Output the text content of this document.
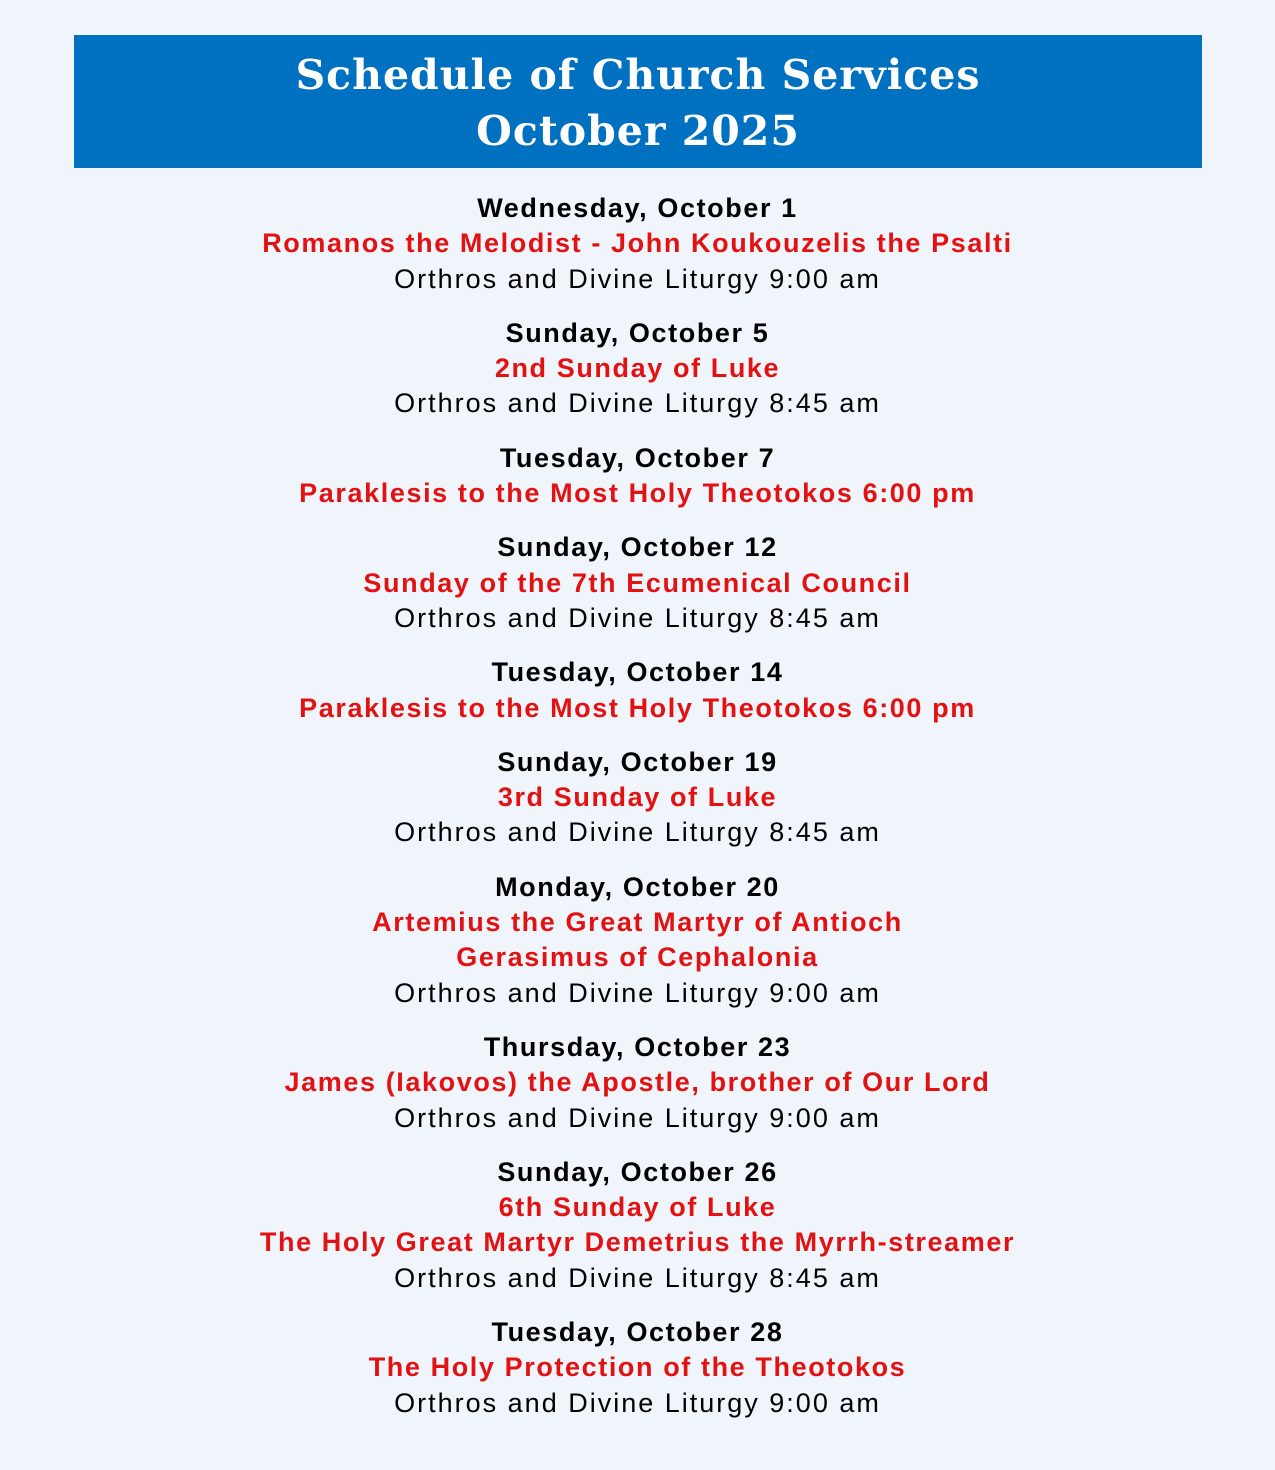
Schedule of Church Services
October 2025
Wednesday, October 1
Romanos the Melodist - John Koukouzelis the Psalti
Orthros and Divine Liturgy 9:00 am
Sunday, October 5
2nd Sunday of Luke
Orthros and Divine Liturgy 8:45 am
Tuesday, October 7
Paraklesis to the Most Holy Theotokos 6:00 pm
Sunday, October 12
Sunday of the 7th Ecumenical Council
Orthros and Divine Liturgy 8:45 am
Tuesday, October 14
Paraklesis to the Most Holy Theotokos 6:00 pm
Sunday, October 19
3rd Sunday of Luke
Orthros and Divine Liturgy 8:45 am
Monday, October 20
Artemius the Great Martyr of Antioch
Gerasimus of Cephalonia
Orthros and Divine Liturgy 9:00 am
Thursday, October 23
James (Iakovos) the Apostle, brother of Our Lord
Orthros and Divine Liturgy 9:00 am
Sunday, October 26
6th Sunday of Luke
The Holy Great Martyr Demetrius the Myrrh-streamer
Orthros and Divine Liturgy 8:45 am
Tuesday, October 28
The Holy Protection of the Theotokos
Orthros and Divine Liturgy 9:00 am
